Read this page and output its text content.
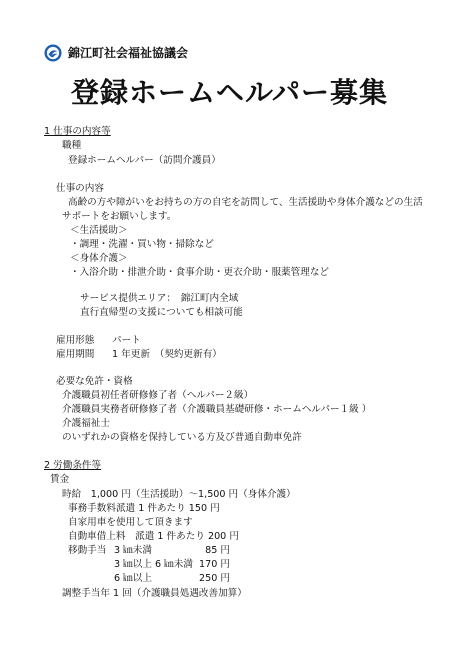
錦江町社会福祉協議会
登録ホームヘルパー募集
1 仕事の内容等
職種
登録ホームヘルパー（訪問介護員）
仕事の内容
高齢の方や障がいをお持ちの方の自宅を訪問して、生活援助や身体介護などの生活
サポートをお願いします。
＜生活援助＞
・調理・洗濯・買い物・掃除など
＜身体介護＞
・入浴介助・排泄介助・食事介助・更衣介助・服薬管理など
サービス提供エリア：　錦江町内全域
直行直帰型の支援についても相談可能
雇用形態 パート
雇用期間 1 年更新　（契約更新有）
必要な免許・資格
介護職員初任者研修修了者（ヘルパー２級）
介護職員実務者研修修了者（介護職員基礎研修・ホームヘルパー１級 ）
介護福祉士
のいずれかの資格を保持している方及び普通自動車免許
2 労働条件等
賃金
時給　1,000 円（生活援助）～1,500 円（身体介護）
事務手数料派遣 1 件あたり 150 円
自家用車を使用して頂きます
自動車借上料　派遣 1 件あたり 200 円
移動手当 3 ㎞未満	85 円
3 ㎞以上 6 ㎞未満 170 円
6 ㎞以上	250 円
調整手当年 1 回（介護職員処遇改善加算）
